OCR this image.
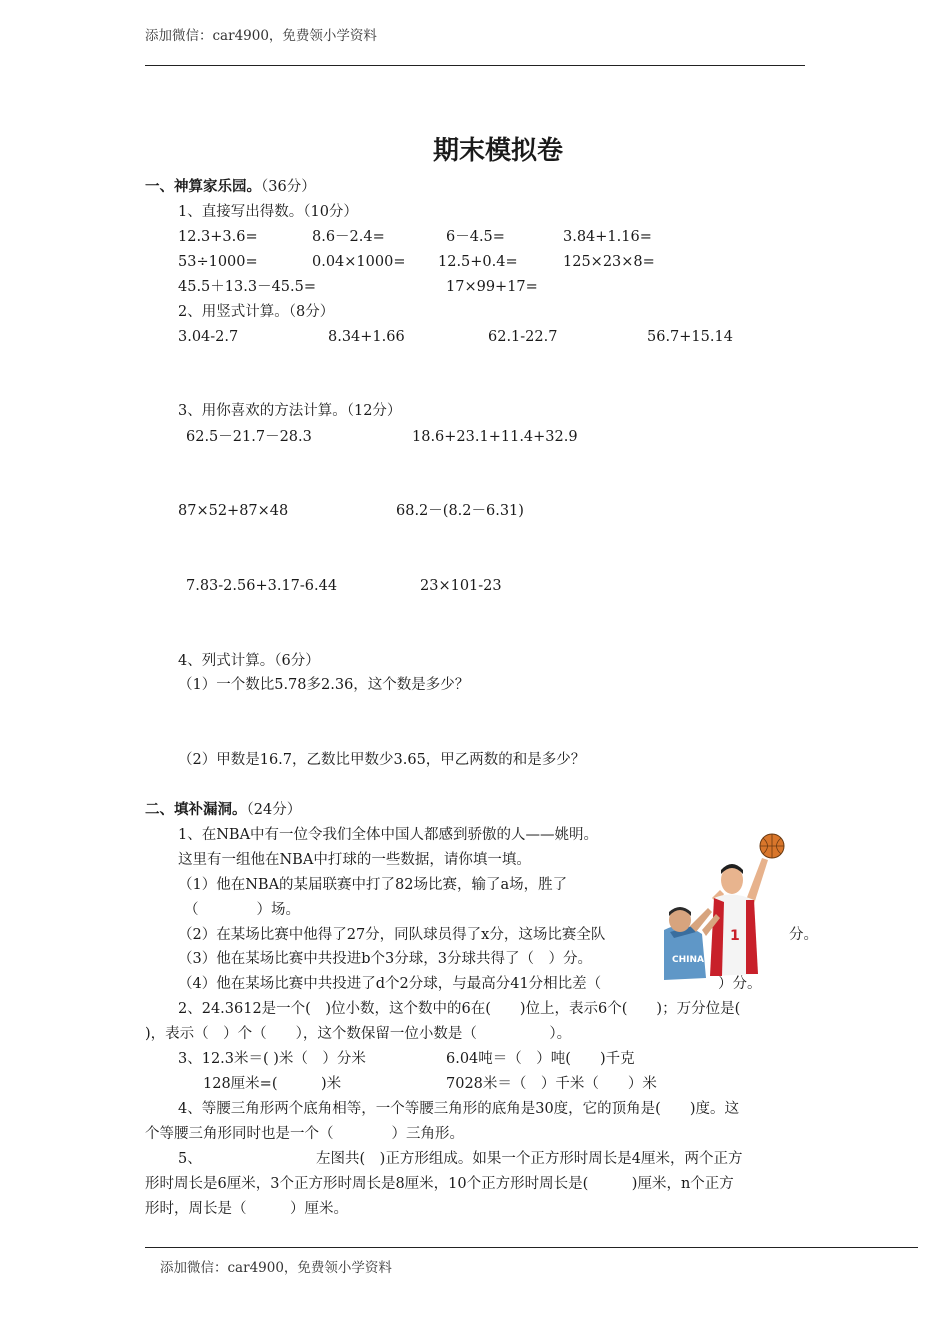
添加微信：car4900，免费领小学资料
期末模拟卷
一、神算家乐园。（36分）
1、直接写出得数。（10分）
12.3+3.6=	8.6－2.4=	6－4.5=	3.84+1.16=
53÷1000=	0.04×1000= 12.5+0.4=	125×23×8=
45.5＋13.3－45.5=	17×99+17=
2、用竖式计算。（8分）
3.04-2.7	8.34+1.66	62.1-22.7	56.7+15.14
3、用你喜欢的方法计算。（12分）
62.5－21.7－28.3	18.6+23.1+11.4+32.9
87×52+87×48	68.2－(8.2－6.31)
7.83-2.56+3.17-6.44	23×101-23
4、列式计算。（6分）
（1）一个数比5.78多2.36，这个数是多少？
（2）甲数是16.7，乙数比甲数少3.65，甲乙两数的和是多少？
二、填补漏洞。（24分）
1、在NBA中有一位令我们全体中国人都感到骄傲的人——姚明。
这里有一组他在NBA中打球的一些数据，请你填一填。
（1）他在NBA的某届联赛中打了82场比赛，输了a场，胜了
（　　　　）场。
（2）在某场比赛中他得了27分，同队球员得了x分，这场比赛全队	分。
（3）他在某场比赛中共投进b个3分球，3分球共得了（　）分。
（4）他在某场比赛中共投进了d个2分球，与最高分41分相比差（	）分。
1
CHINA
2、24.3612是一个(　)位小数，这个数中的6在(　　)位上，表示6个(　　)；万分位是(
)，表示（　）个（　　），这个数保留一位小数是（　　　　　）。
3、12.3米＝( )米（　）分米	6.04吨＝（　）吨(　　)千克
128厘米=(　　　)米	7028米＝（　）千米（　　）米
4、等腰三角形两个底角相等，一个等腰三角形的底角是30度，它的顶角是(　　)度。这
个等腰三角形同时也是一个（　　　　）三角形。
5、	左图共(　)正方形组成。如果一个正方形时周长是4厘米，两个正方
形时周长是6厘米，3个正方形时周长是8厘米，10个正方形时周长是(　　　)厘米，n个正方
形时，周长是（　　　）厘米。
添加微信：car4900，免费领小学资料
